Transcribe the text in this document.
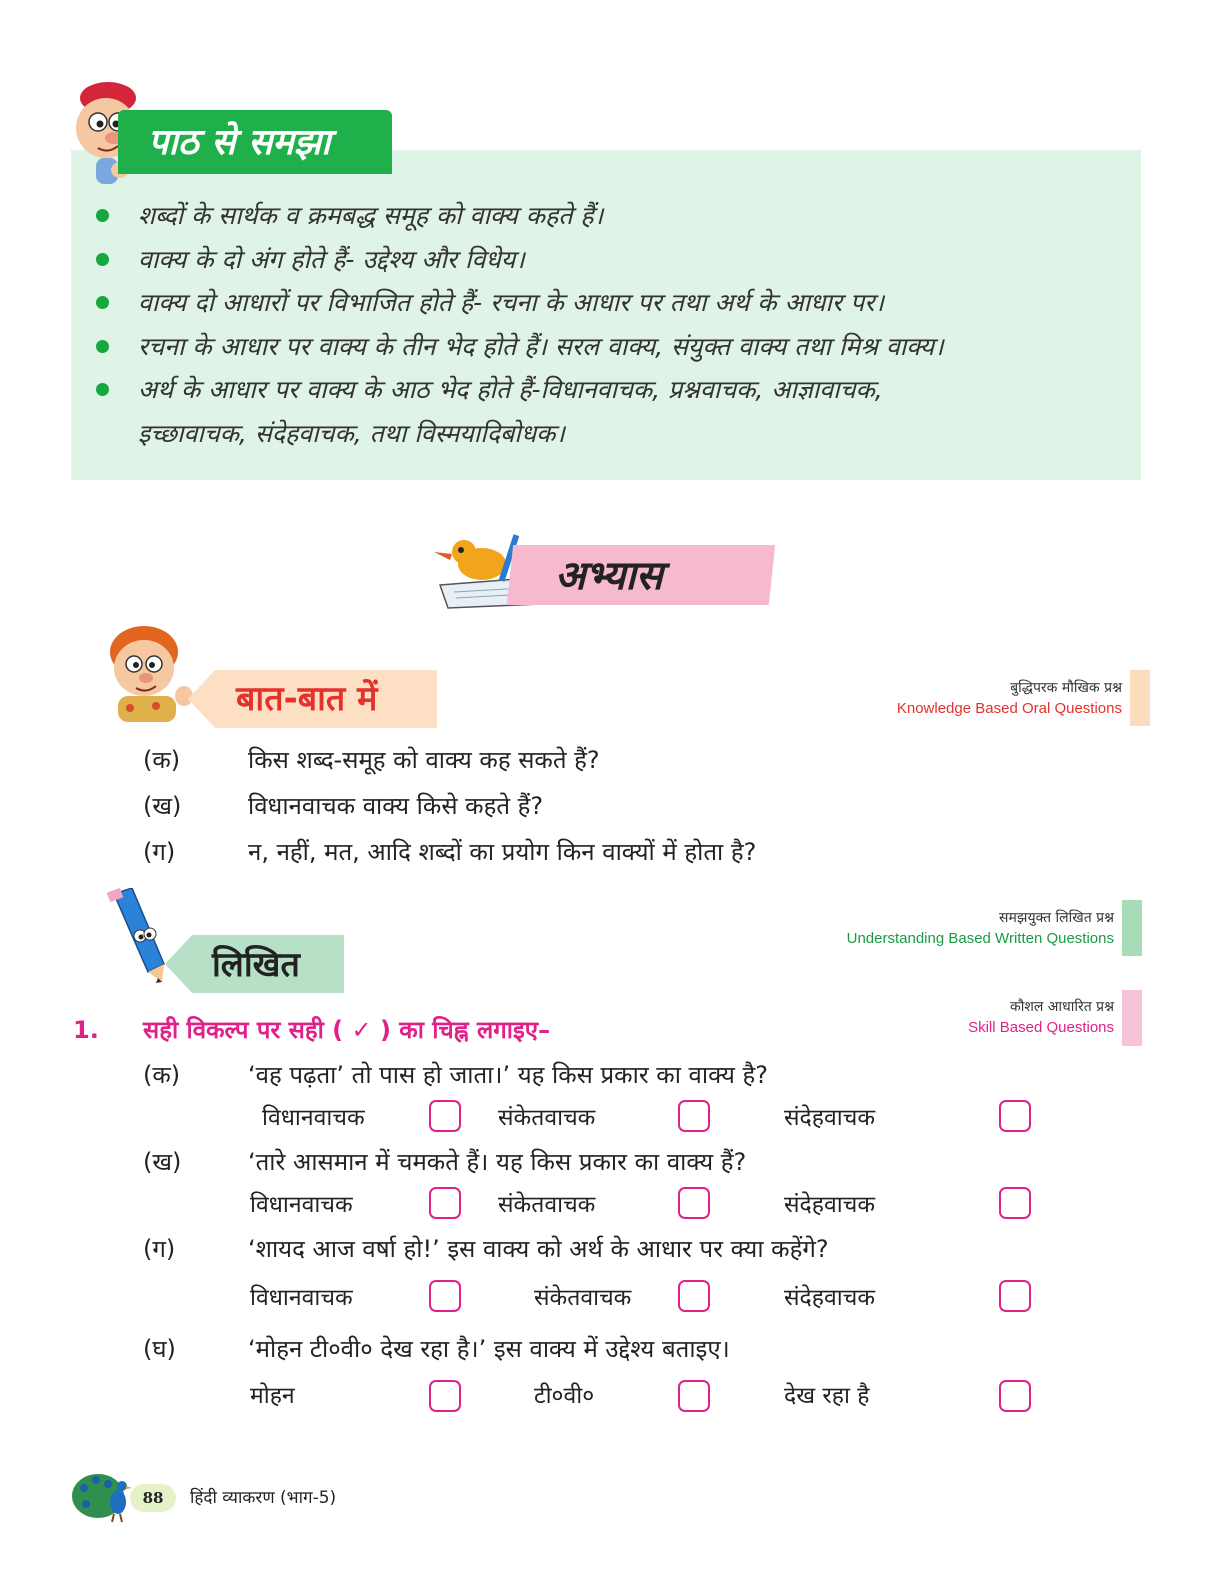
पाठ से समझा
शब्दों के सार्थक व क्रमबद्ध समूह को वाक्य कहते हैं।
वाक्य के दो अंग होते हैं- उद्देश्य और विधेय।
वाक्य दो आधारों पर विभाजित होते हैं- रचना के आधार पर तथा अर्थ के आधार पर।
रचना के आधार पर वाक्य के तीन भेद होते हैं। सरल वाक्य, संयुक्त वाक्य तथा मिश्र वाक्य।
अर्थ के आधार पर वाक्य के आठ भेद होते हैं-विधानवाचक, प्रश्नवाचक, आज्ञावाचक,
इच्छावाचक, संदेहवाचक, तथा विस्मयादिबोधक।
अभ्यास
बात-बात में	बुद्धिपरक मौखिक प्रश्न
Knowledge Based Oral Questions
(क)	किस शब्द-समूह को वाक्य कह सकते हैं?
(ख)	विधानवाचक वाक्य किसे कहते हैं?
(ग)	न, नहीं, मत, आदि शब्दों का प्रयोग किन वाक्यों में होता है?
लिखित
समझयुक्त लिखित प्रश्न
Understanding Based Written Questions
कौशल आधारित प्रश्न
Skill Based Questions
1. सही विकल्प पर सही ( ✓ ) का चिह्न लगाइए–
(क)	‘वह पढ़ता’ तो पास हो जाता।’ यह किस प्रकार का वाक्य है?
विधानवाचक	संकेतवाचक	संदेहवाचक
(ख)	‘तारे आसमान में चमकते हैं। यह किस प्रकार का वाक्य हैं?
विधानवाचक	संकेतवाचक	संदेहवाचक
(ग)	‘शायद आज वर्षा हो!’ इस वाक्य को अर्थ के आधार पर क्या कहेंगे?
विधानवाचक	संकेतवाचक	संदेहवाचक
(घ)	‘मोहन टी०वी० देख रहा है।’ इस वाक्य में उद्देश्य बताइए।
मोहन	टी०वी०	देख रहा है
88	हिंदी व्याकरण (भाग-5)
